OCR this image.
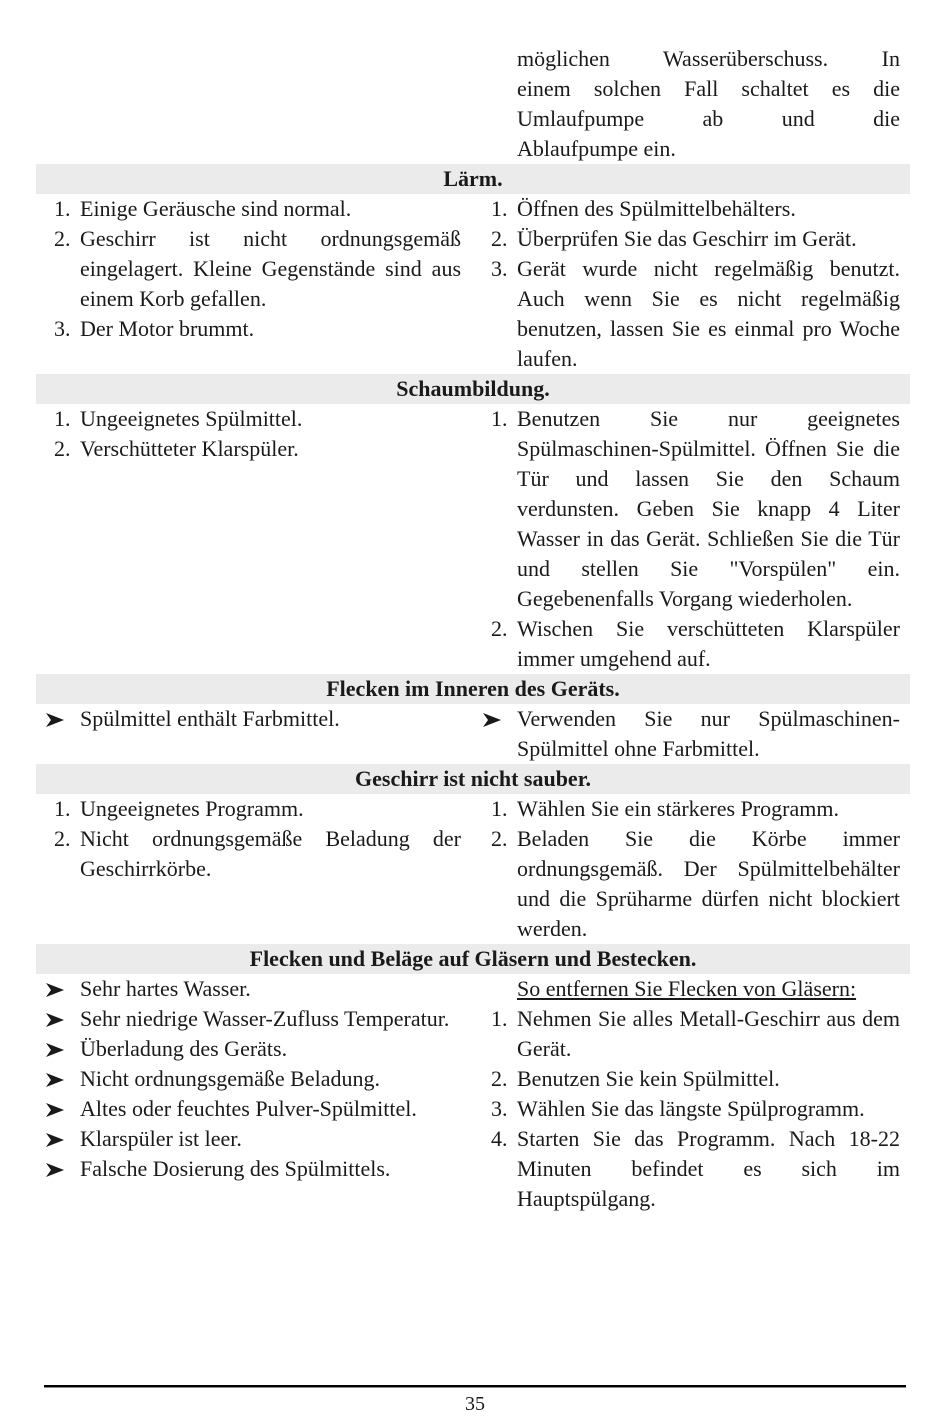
möglichen Wasserüberschuss. In
einem solchen Fall schaltet es die
Umlaufpumpe ab und die
Ablaufpumpe ein.
Lärm.
1. Einige Geräusche sind normal.
2. Geschirr ist nicht ordnungsgemäß eingelagert. Kleine Gegenstände sind aus einem Korb gefallen.
3. Der Motor brummt.
1. Öffnen des Spülmittelbehälters.
2. Überprüfen Sie das Geschirr im Gerät.
3. Gerät wurde nicht regelmäßig benutzt. Auch wenn Sie es nicht regelmäßig benutzen, lassen Sie es einmal pro Woche laufen.
Schaumbildung.
1. Ungeeignetes Spülmittel.
2. Verschütteter Klarspüler.
1. Benutzen Sie nur geeignetes Spülmaschinen-Spülmittel. Öffnen Sie die Tür und lassen Sie den Schaum verdunsten. Geben Sie knapp 4 Liter Wasser in das Gerät. Schließen Sie die Tür und stellen Sie "Vorspülen" ein. Gegebenenfalls Vorgang wiederholen.
2. Wischen Sie verschütteten Klarspüler immer umgehend auf.
Flecken im Inneren des Geräts.
Spülmittel enthält Farbmittel.	Verwenden Sie nur Spülmaschinen-Spülmittel ohne Farbmittel.
Geschirr ist nicht sauber.
1. Ungeeignetes Programm.
2. Nicht ordnungsgemäße Beladung der Geschirrkörbe.
1. Wählen Sie ein stärkeres Programm.
2. Beladen Sie die Körbe immer ordnungsgemäß. Der Spülmittelbehälter und die Sprüharme dürfen nicht blockiert werden.
Flecken und Beläge auf Gläsern und Bestecken.
Sehr hartes Wasser.
Sehr niedrige Wasser-Zufluss Temperatur.
Überladung des Geräts.
Nicht ordnungsgemäße Beladung.
Altes oder feuchtes Pulver-Spülmittel.
Klarspüler ist leer.
Falsche Dosierung des Spülmittels.
So entfernen Sie Flecken von Gläsern:
1. Nehmen Sie alles Metall-Geschirr aus dem Gerät.
2. Benutzen Sie kein Spülmittel.
3. Wählen Sie das längste Spülprogramm.
4. Starten Sie das Programm. Nach 18-22 Minuten befindet es sich im Hauptspülgang.
35
